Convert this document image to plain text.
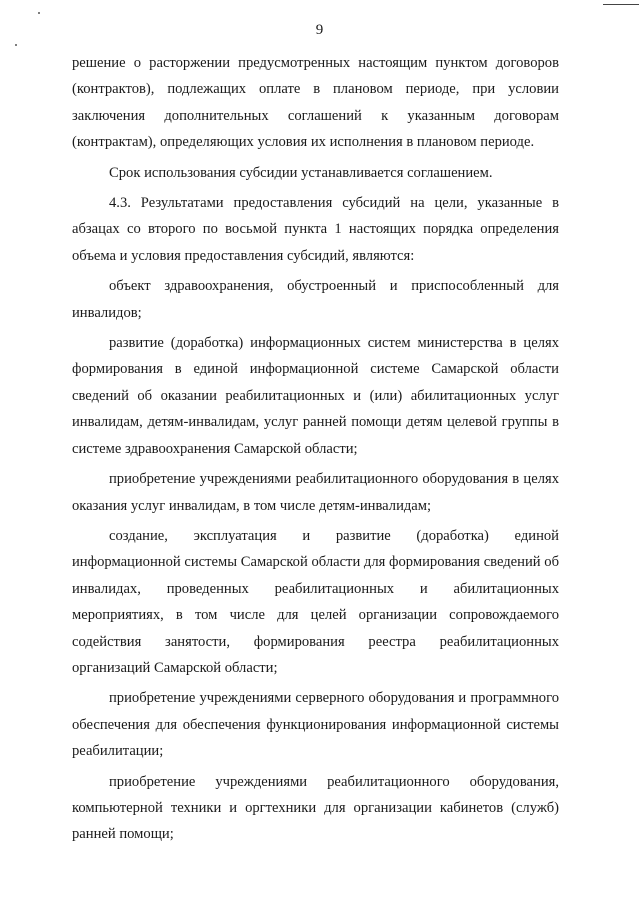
9

решение о расторжении предусмотренных настоящим пунктом договоров (контрактов), подлежащих оплате в плановом периоде, при условии заключения дополнительных соглашений к указанным договорам (контрактам), определяющих условия их исполнения в плановом периоде.

Срок использования субсидии устанавливается соглашением.

4.3. Результатами предоставления субсидий на цели, указанные в абзацах со второго по восьмой пункта 1 настоящих порядка определения объема и условия предоставления субсидий, являются:

объект здравоохранения, обустроенный и приспособленный для инвалидов;

развитие (доработка) информационных систем министерства в целях формирования в единой информационной системе Самарской области сведений об оказании реабилитационных и (или) абилитационных услуг инвалидам, детям-инвалидам, услуг ранней помощи детям целевой группы в системе здравоохранения Самарской области;

приобретение учреждениями реабилитационного оборудования в целях оказания услуг инвалидам, в том числе детям-инвалидам;

создание, эксплуатация и развитие (доработка) единой информационной системы Самарской области для формирования сведений об инвалидах, проведенных реабилитационных и абилитационных мероприятиях, в том числе для целей организации сопровождаемого содействия занятости, формирования реестра реабилитационных организаций Самарской области;

приобретение учреждениями серверного оборудования и программного обеспечения для обеспечения функционирования информационной системы реабилитации;

приобретение учреждениями реабилитационного оборудования, компьютерной техники и оргтехники для организации кабинетов (служб) ранней помощи;
